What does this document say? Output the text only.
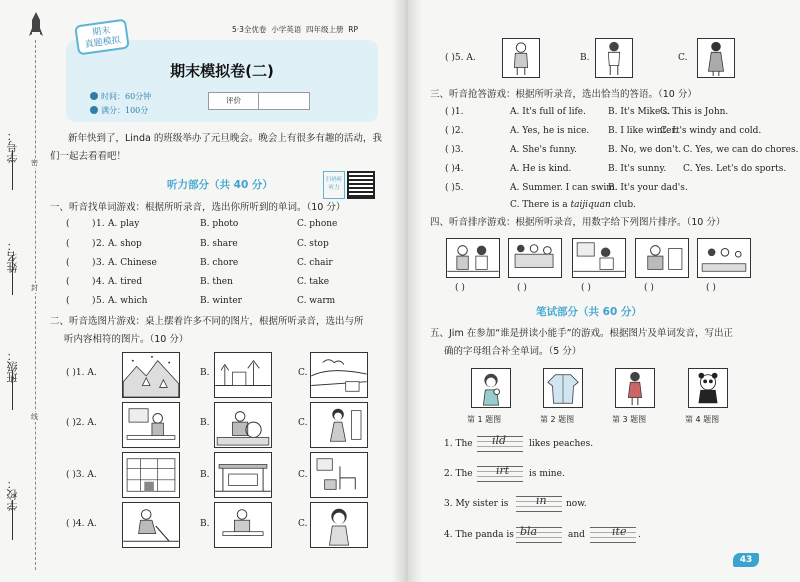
学号：
姓名：
班级：
学校：
密
封
线
期末
真题模拟
5·3全优卷 小学英语 四年级上册 RP
期末模拟卷(二)
时间：60分钟
满分：100分
评价
新年快到了，Linda 的班级举办了元旦晚会。晚会上有很多有趣的活动，我们一起去看看吧！
听力部分（共 40 分）	扫码听听力
一、听音找单词游戏：根据所听录音，选出你所听到的单词。（10 分）
( ) 1. A. play	B. photo	C. phone
( ) 2. A. shop	B. share	C. stop
( ) 3. A. Chinese	B. chore	C. chair
( ) 4. A. tired	B. then	C. take
( ) 5. A. which	B. winter	C. warm
二、听音选图片游戏：桌上摆着许多不同的图片，根据所听录音，选出与所
听内容相符的图片。（10 分）
( )1. A.	B.	C.
( )2. A.	B.	C.
( )3. A.	B.	C.
( )4. A.	B.	C.
( )5. A.	B.	C.
三、听音抢答游戏：根据所听录音，选出恰当的答语。（10 分）
( )1.	A. It's full of life. B. It's Mike's.
C. This is John.
( )2.	A. Yes, he is nice. B. I like winter.
C. It's windy and cold.
( )3.	A. She's funny.	B. No, we don't. C. Yes, we can do chores.
( )4.	A. He is kind.	B. It's sunny. C. Yes. Let's do sports.
( )5.	A. Summer. I can swim.
B. It's your dad's.
C. There is a taijiquan club.
四、听音排序游戏：根据所听录音，用数字给下列图片排序。（10 分）
( )	( )	( )	( )	( )
笔试部分（共 60 分）
五、Jim 在参加“谁是拼读小能手”的游戏。根据图片及单词发音，写出正
确的字母组合补全单词。（5 分）
第 1 题图	第 2 题图	第 3 题图	第 4 题图
1. The ild	likes peaches.
2. The irt is mine.
3. My sister is	in now.
4. The panda is bla	and ite .
43
